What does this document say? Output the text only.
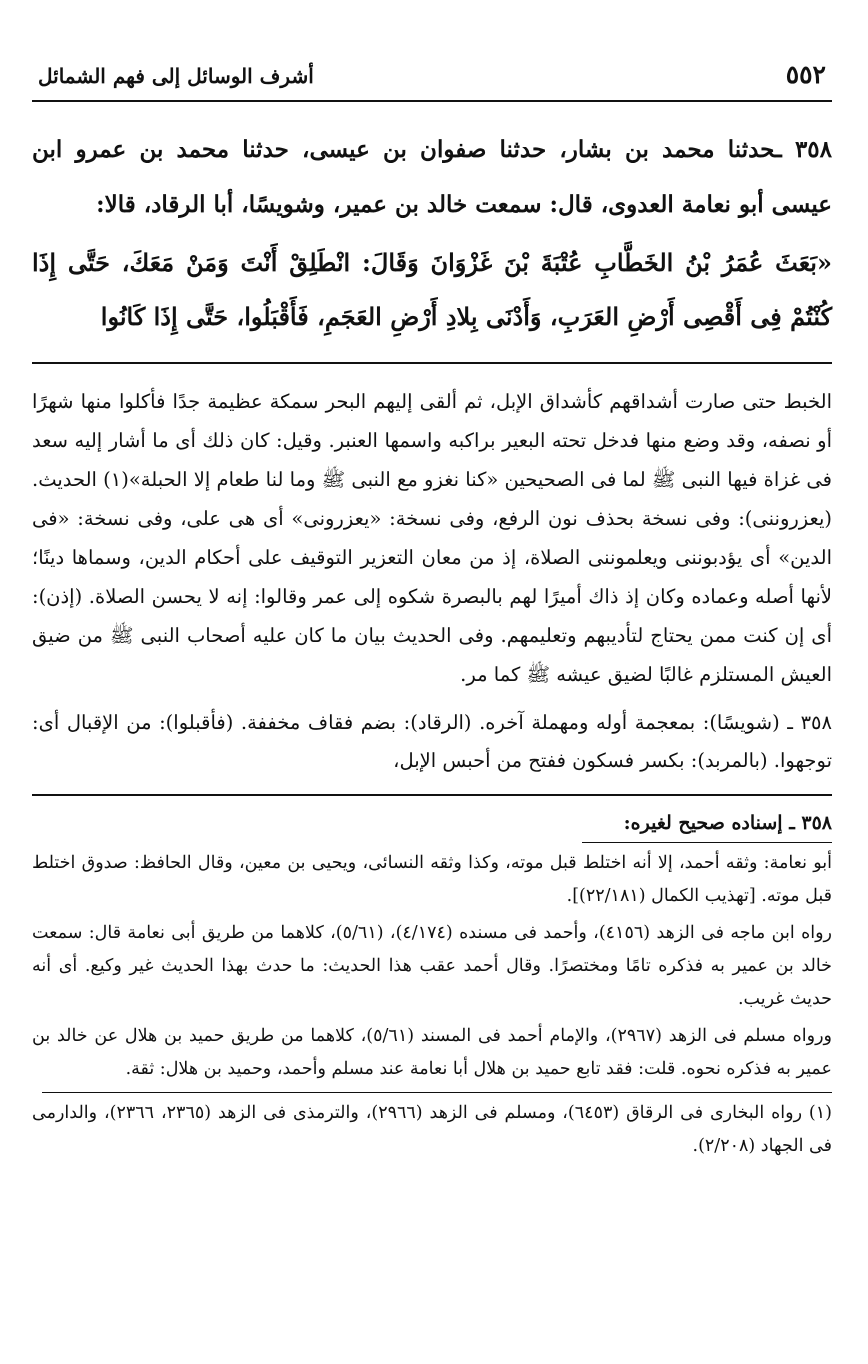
٥٥٢
أشرف الوسائل إلى فهم الشمائل

٣٥٨ ـحدثنا محمد بن بشار، حدثنا صفوان بن عيسى، حدثنا محمد بن عمرو ابن عيسى أبو نعامة العدوى، قال: سمعت خالد بن عمير، وشويسًا، أبا الرقاد، قالا:

«بَعَثَ عُمَرُ بْنُ الخَطَّابِ عُتْبَةَ بْنَ غَزْوَانَ وَقَالَ: انْطَلِقْ أَنْتَ وَمَنْ مَعَكَ، حَتَّى إِذَا كُنْتُمْ فِى أَقْصِى أَرْضِ العَرَبِ، وَأَدْنَى بِلادِ أَرْضِ العَجَمِ، فَأَقْبَلُوا، حَتَّى إِذَا كَانُوا

الخبط حتى صارت أشداقهم كأشداق الإبل، ثم ألقى إليهم البحر سمكة عظيمة جدًا فأكلوا منها شهرًا أو نصفه، وقد وضع منها فدخل تحته البعير براكبه واسمها العنبر. وقيل: كان ذلك أى ما أشار إليه سعد فى غزاة فيها النبى ﷺ لما فى الصحيحين «كنا نغزو مع النبى ﷺ وما لنا طعام إلا الحبلة»(١) الحديث. (يعزروننى): وفى نسخة بحذف نون الرفع، وفى نسخة: «يعزرونى» أى هى على، وفى نسخة: «فى الدين» أى يؤدبوننى ويعلموننى الصلاة، إذ من معان التعزير التوقيف على أحكام الدين، وسماها دينًا؛ لأنها أصله وعماده وكان إذ ذاك أميرًا لهم بالبصرة شكوه إلى عمر وقالوا: إنه لا يحسن الصلاة. (إذن): أى إن كنت ممن يحتاج لتأديبهم وتعليمهم. وفى الحديث بيان ما كان عليه أصحاب النبى ﷺ من ضيق العيش المستلزم غالبًا لضيق عيشه ﷺ كما مر.

٣٥٨ ـ (شويسًا): بمعجمة أوله ومهملة آخره. (الرقاد): بضم فقاف مخففة. (فأقبلوا): من الإقبال أى: توجهوا. (بالمربد): بكسر فسكون ففتح من أحبس الإبل،

٣٥٨ ـ إسناده صحيح لغيره:

أبو نعامة: وثقه أحمد، إلا أنه اختلط قبل موته، وكذا وثقه النسائى، ويحيى بن معين، وقال الحافظ: صدوق اختلط قبل موته. [تهذيب الكمال (٢٢/١٨١)].

رواه ابن ماجه فى الزهد (٤١٥٦)، وأحمد فى مسنده (٤/١٧٤)، (٥/٦١)، كلاهما من طريق أبى نعامة قال: سمعت خالد بن عمير به فذكره تامًا ومختصرًا. وقال أحمد عقب هذا الحديث: ما حدث بهذا الحديث غير وكيع. أى أنه حديث غريب.

ورواه مسلم فى الزهد (٢٩٦٧)، والإمام أحمد فى المسند (٥/٦١)، كلاهما من طريق حميد بن هلال عن خالد بن عمير به فذكره نحوه. قلت: فقد تابع حميد بن هلال أبا نعامة عند مسلم وأحمد، وحميد بن هلال: ثقة.

(١) رواه البخارى فى الرقاق (٦٤٥٣)، ومسلم فى الزهد (٢٩٦٦)، والترمذى فى الزهد (٢٣٦٥، ٢٣٦٦)، والدارمى فى الجهاد (٢/٢٠٨).
